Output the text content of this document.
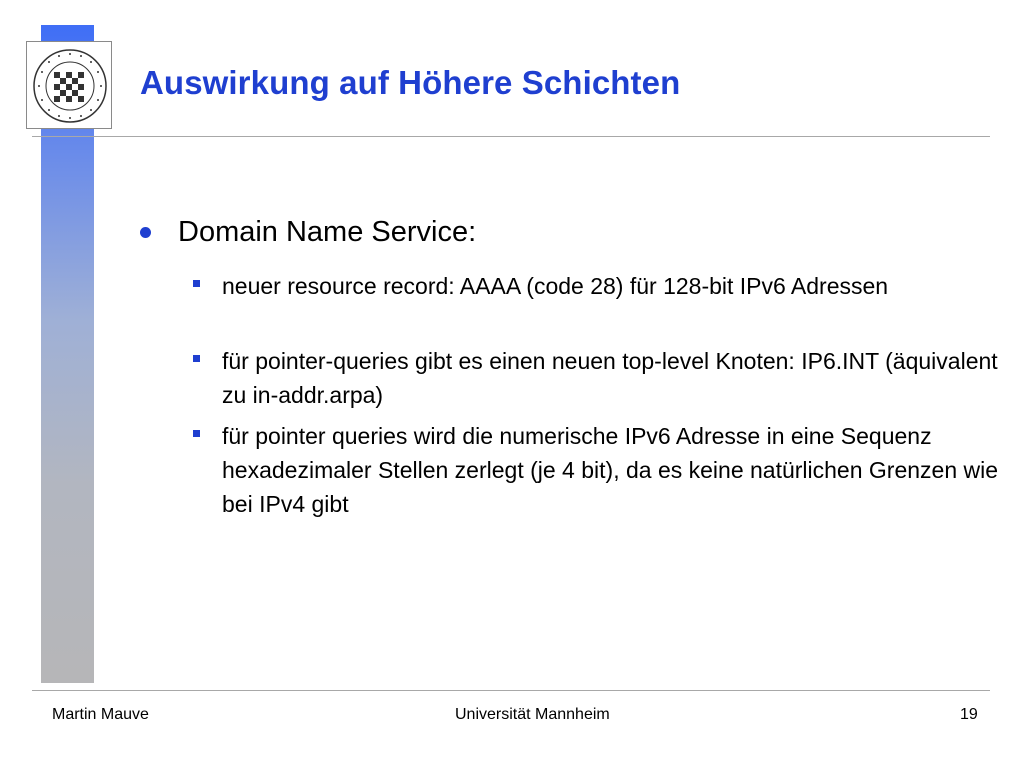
Auswirkung auf Höhere Schichten
Domain Name Service:
neuer resource record: AAAA (code 28) für 128-bit IPv6 Adressen
für pointer-queries gibt es einen neuen top-level Knoten: IP6.INT (äquivalent zu in-addr.arpa)
für pointer queries wird die numerische IPv6 Adresse in eine Sequenz hexadezimaler Stellen zerlegt (je 4 bit), da es keine natürlichen Grenzen wie bei IPv4 gibt
Martin Mauve	Universität Mannheim	19
